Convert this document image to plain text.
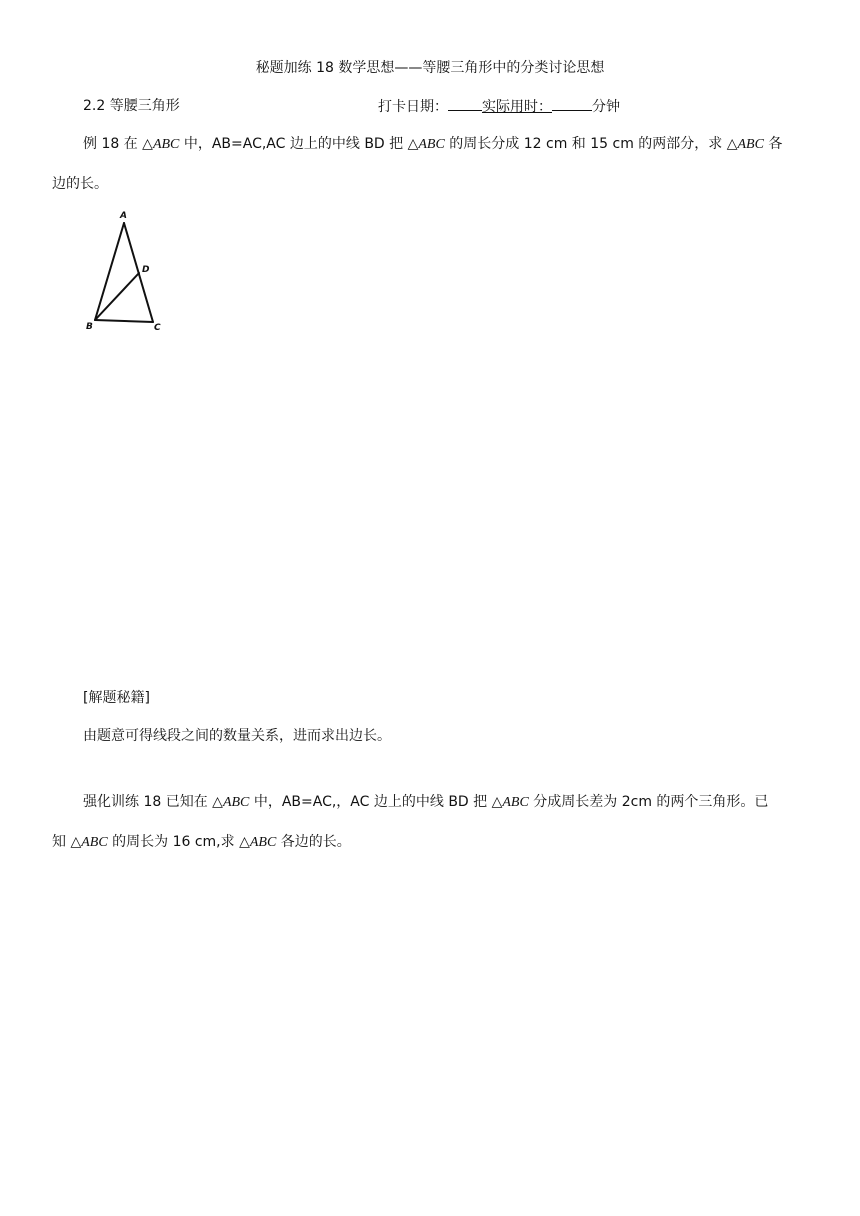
秘题加练 18 数学思想——等腰三角形中的分类讨论思想
2.2 等腰三角形	打卡日期： 实际用时：	分钟
例 18 在 △ABC 中，AB=AC,AC 边上的中线 BD 把 △ABC 的周长分成 12 cm 和 15 cm 的两部分，求 △ABC 各
边的长。
A
D
B	C
[解题秘籍]
由题意可得线段之间的数量关系，进而求出边长。
强化训练 18 已知在 △ABC 中，AB=AC,，AC 边上的中线 BD 把 △ABC 分成周长差为 2cm 的两个三角形。已
知 △ABC 的周长为 16 cm,求 △ABC 各边的长。
